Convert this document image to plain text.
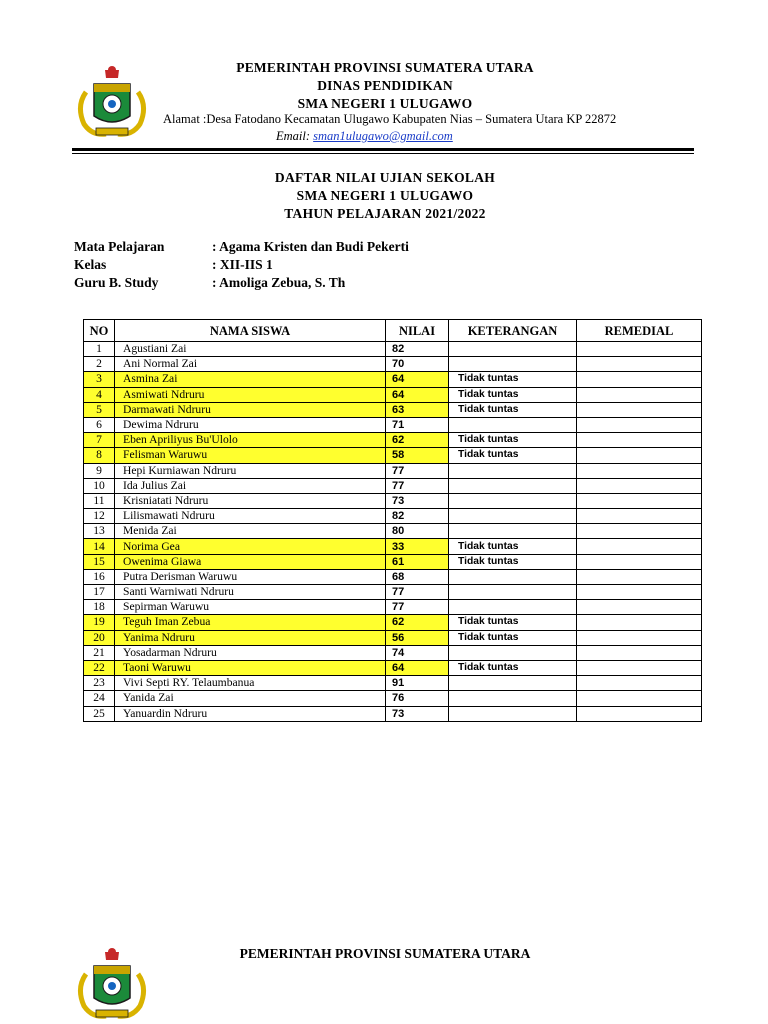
PEMERINTAH PROVINSI SUMATERA UTARA
DINAS PENDIDIKAN
SMA NEGERI 1 ULUGAWO
Alamat :Desa Fatodano Kecamatan Ulugawo Kabupaten Nias – Sumatera Utara KP 22872
Email: sman1ulugawo@gmail.com
DAFTAR NILAI UJIAN SEKOLAH
SMA NEGERI 1 ULUGAWO
TAHUN PELAJARAN 2021/2022
Mata Pelajaran	: Agama Kristen dan Budi Pekerti
Kelas	: XII-IIS 1
Guru B. Study	: Amoliga Zebua, S. Th
NO	NAMA SISWA	NILAI	KETERANGAN	REMEDIAL
1	Agustiani Zai	82		
2	Ani Normal Zai	70		
3	Asmina Zai	64	Tidak tuntas	
4	Asmiwati Ndruru	64	Tidak tuntas	
5	Darmawati Ndruru	63	Tidak tuntas	
6	Dewima Ndruru	71		
7	Eben Apriliyus Bu'Ulolo	62	Tidak tuntas	
8	Felisman Waruwu	58	Tidak tuntas	
9	Hepi Kurniawan Ndruru	77		
10	Ida Julius Zai	77		
11	Krisniatati Ndruru	73		
12	Lilismawati Ndruru	82		
13	Menida Zai	80		
14	Norima Gea	33	Tidak tuntas	
15	Owenima Giawa	61	Tidak tuntas	
16	Putra Derisman Waruwu	68		
17	Santi Warniwati Ndruru	77		
18	Sepirman Waruwu	77		
19	Teguh Iman Zebua	62	Tidak tuntas	
20	Yanima Ndruru	56	Tidak tuntas	
21	Yosadarman Ndruru	74		
22	Taoni Waruwu	64	Tidak tuntas	
23	Vivi Septi RY. Telaumbanua	91		
24	Yanida Zai	76		
25	Yanuardin Ndruru	73		
PEMERINTAH PROVINSI SUMATERA UTARA
